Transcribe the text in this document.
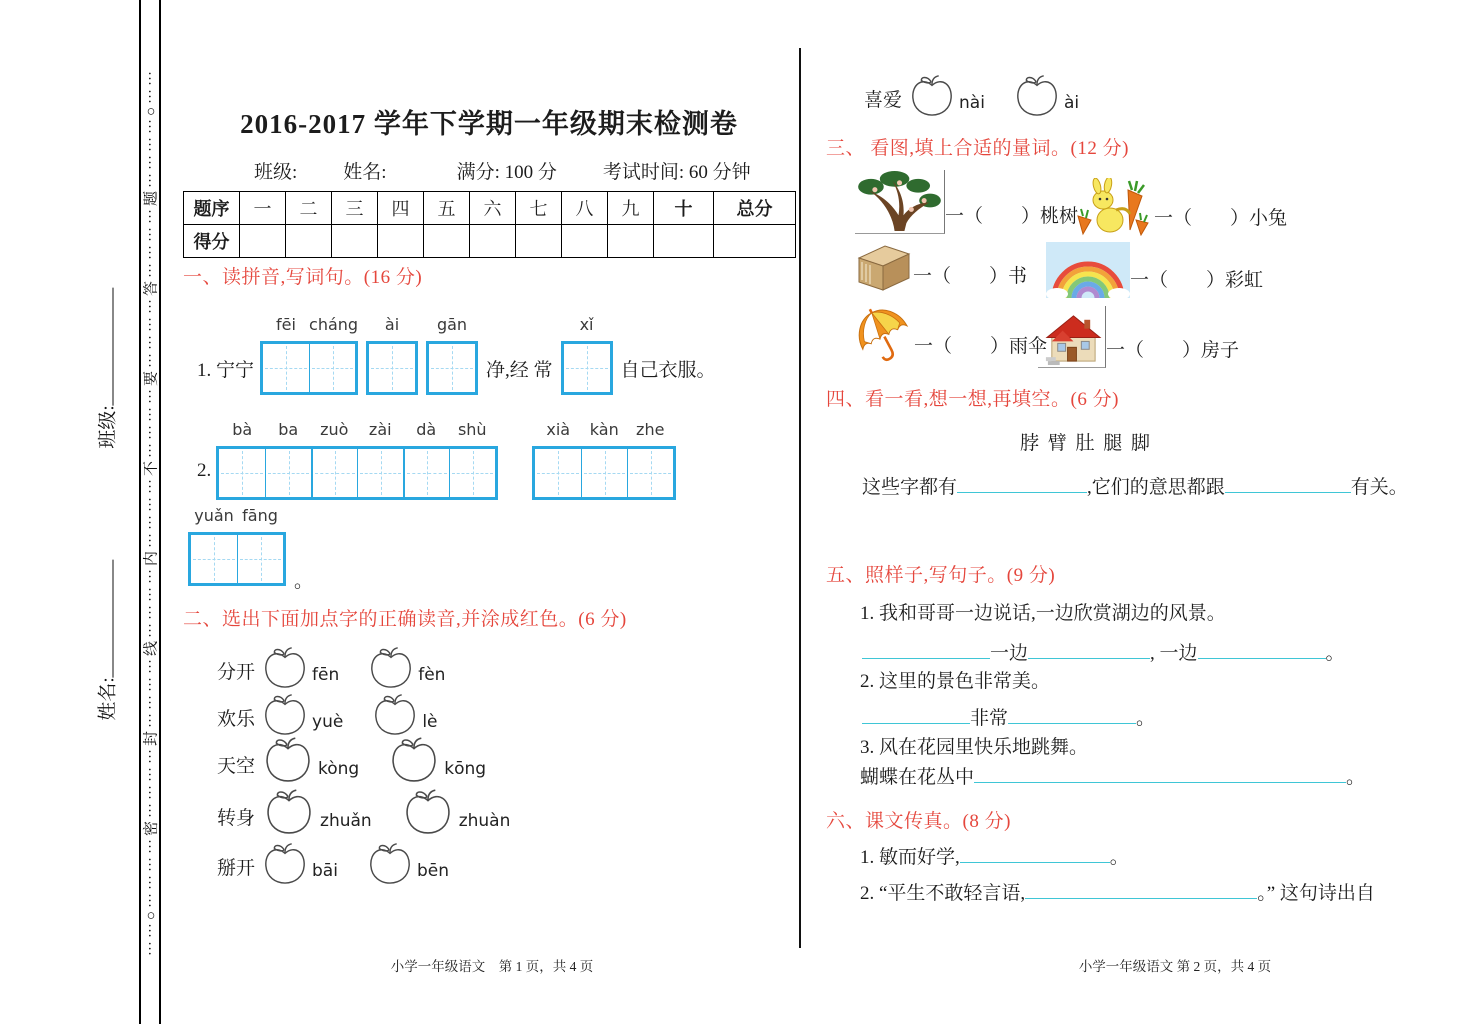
⋯⋯○⋯⋯⋯⋯密⋯⋯⋯⋯封⋯⋯⋯⋯线⋯⋯⋯⋯内⋯⋯⋯⋯不⋯⋯⋯⋯要⋯⋯⋯⋯答⋯⋯⋯⋯题⋯⋯⋯⋯○⋯⋯
班级:
姓名:
2016-2017 学年下学期一年级期末检测卷
班级: 姓名:	满分: 100 分 考试时间: 60 分钟
题序	一	二	三	四	五	六	七	八	九	十	总分
得分											
一、读拼音,写词句。(16 分)
1. 宁宁
fēi cháng	ài	gān
净,经 常
xǐ
自己衣服。
2.
bà	ba	zuò	zài	dà	shù	xià	kàn	zhe
yuǎn fāng
。
二、选出下面加点字的正确读音,并涂成红色。(6 分)
分开	fēn	fèn
欢乐	yuè	lè
天空	kòng	kōng
转身	zhuǎn	zhuàn
掰开	bāi	bēn
小学一年级语文　第 1 页，共 4 页
喜爱	nài	ài
三、 看图,填上合适的量词。(12 分)
一（　　）桃树	一（　　）小兔
一（　　）书	一（　　）彩虹
一（　　）雨伞	一（　　）房子
四、看一看,想一想,再填空。(6 分)
脖 臂 肚 腿 脚
这些字都有	,它们的意思都跟	有关。
五、照样子,写句子。(9 分)
1. 我和哥哥一边说话,一边欣赏湖边的风景。
一边	, 一边	。
2. 这里的景色非常美。
非常	。
3. 风在花园里快乐地跳舞。
蝴蝶在花丛中	。
六、课文传真。(8 分)
1. 敏而好学,	。
2. “平生不敢轻言语,	。” 这句诗出自
小学一年级语文 第 2 页，共 4 页
